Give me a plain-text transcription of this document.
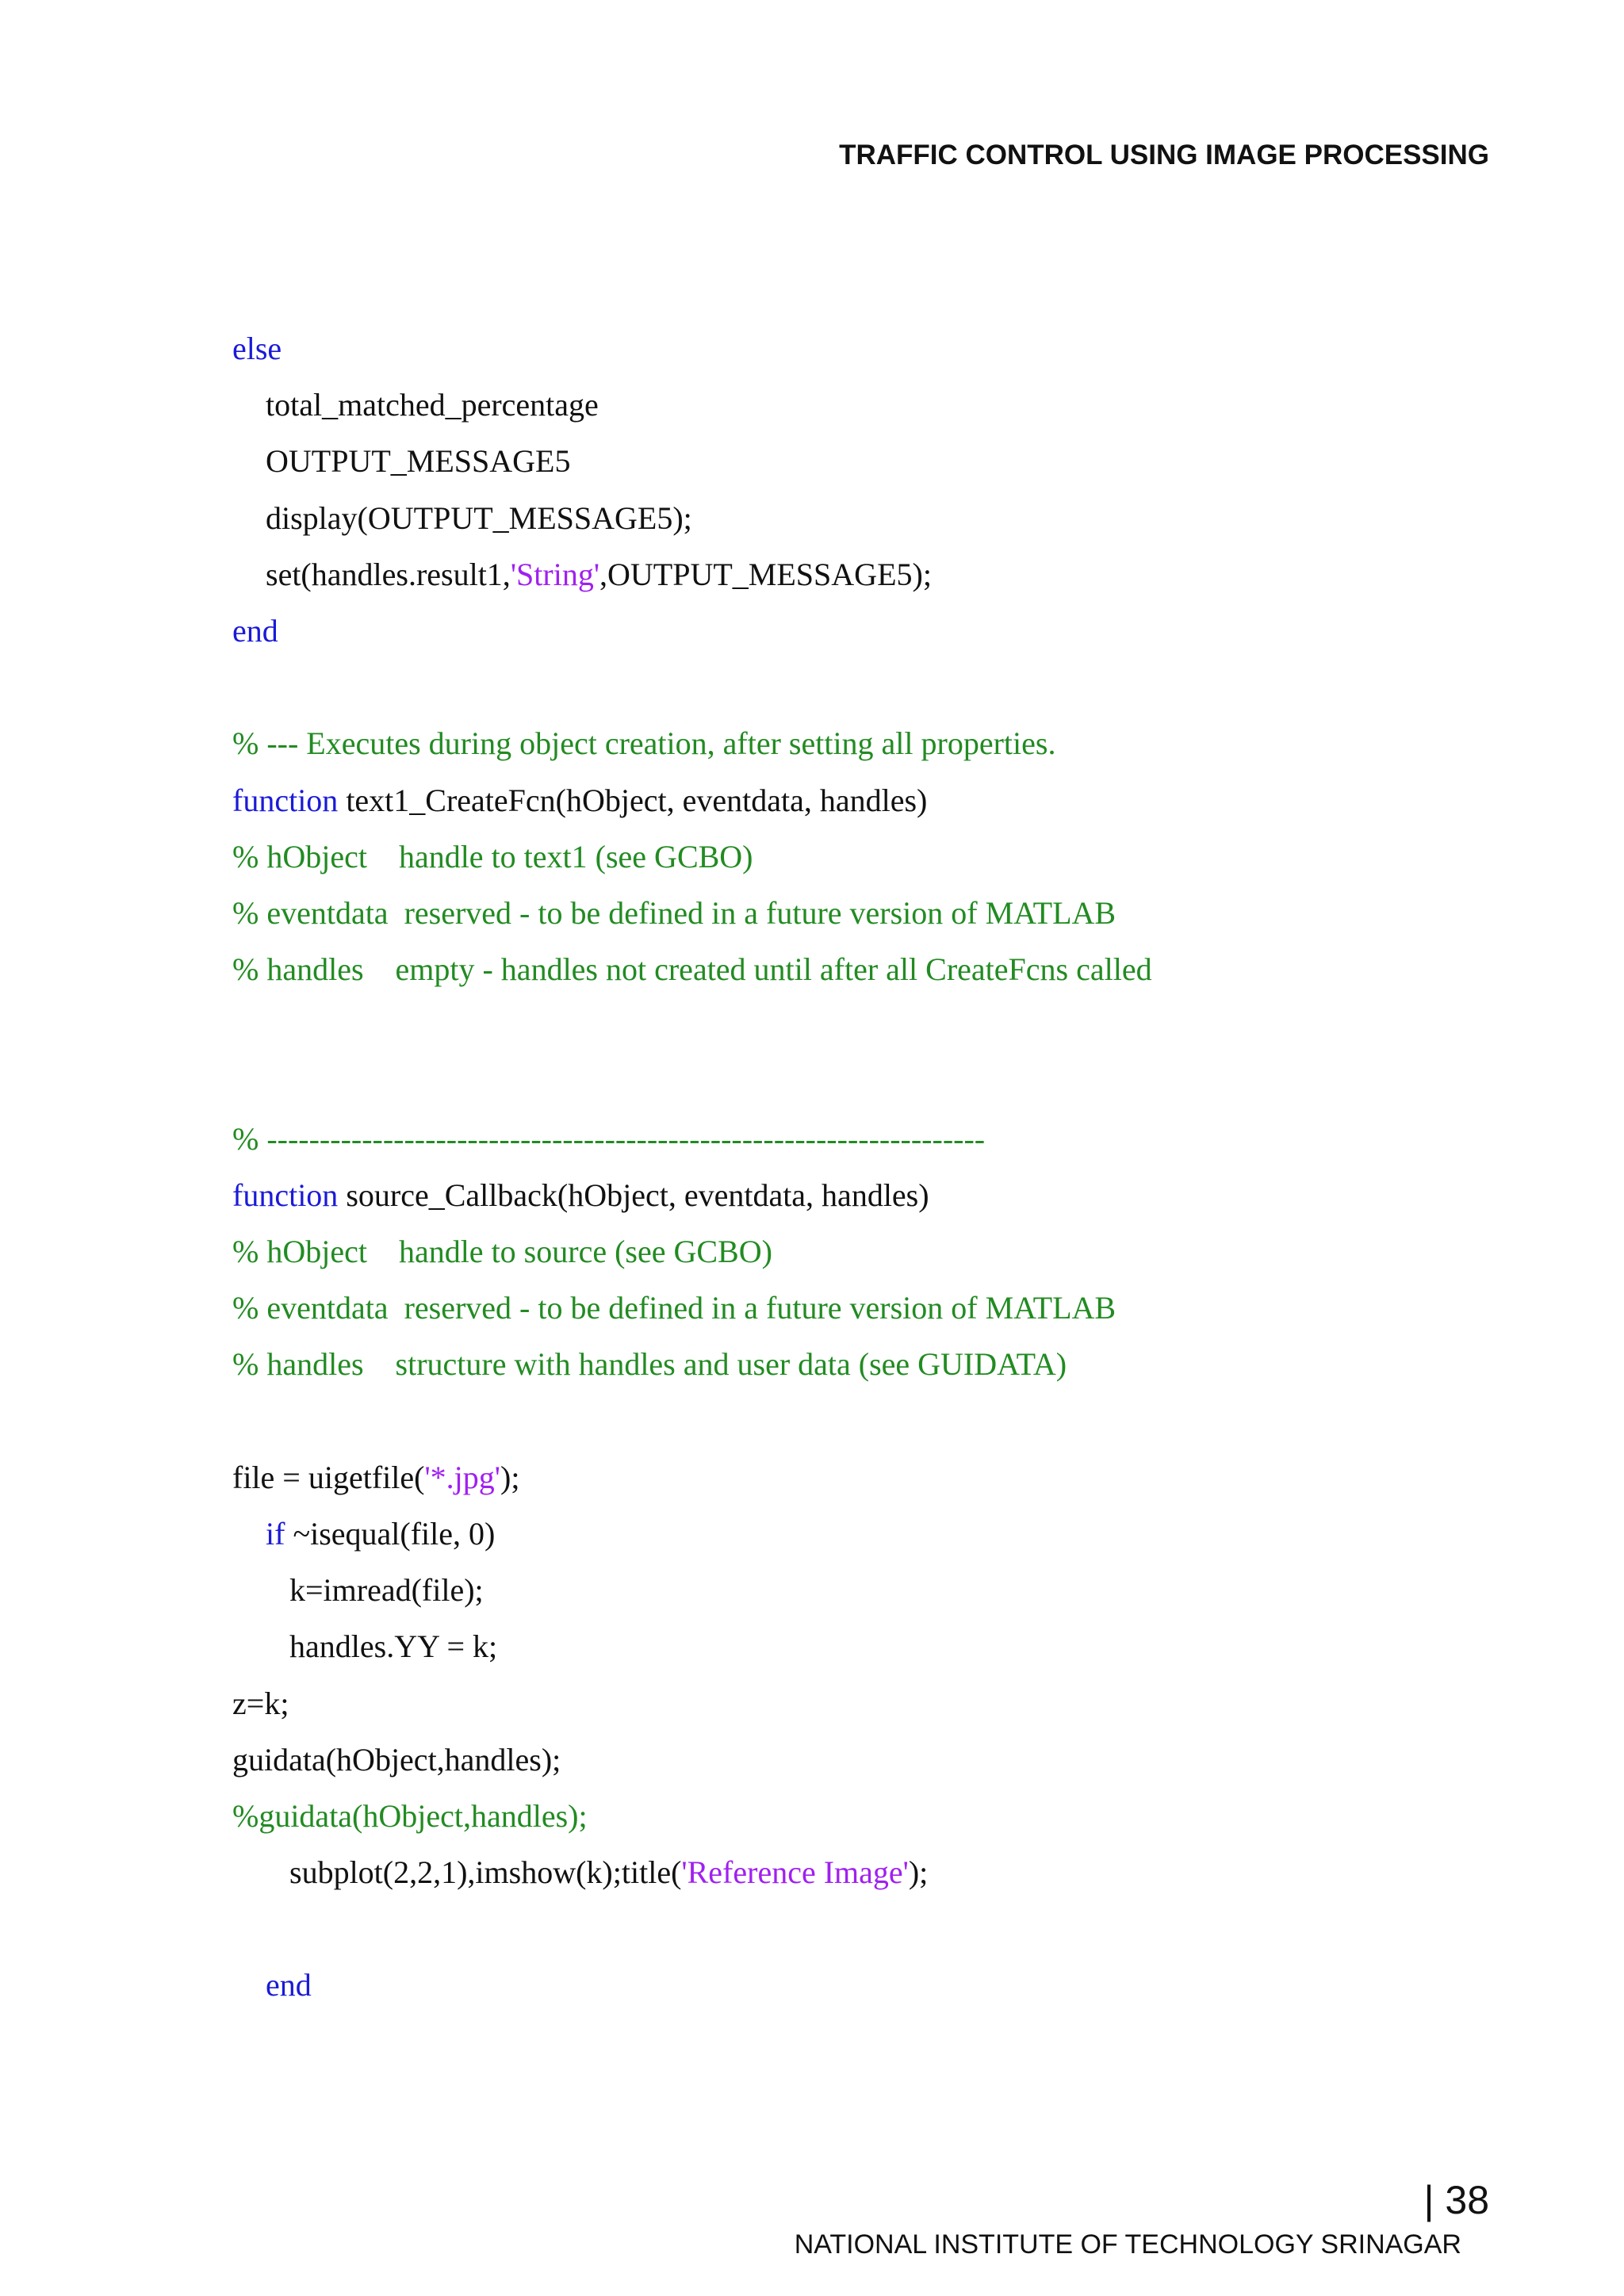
TRAFFIC CONTROL USING IMAGE PROCESSING
else
total_matched_percentage
OUTPUT_MESSAGE5
display(OUTPUT_MESSAGE5);
set(handles.result1,'String',OUTPUT_MESSAGE5);
end
% --- Executes during object creation, after setting all properties.
function text1_CreateFcn(hObject, eventdata, handles)
% hObject    handle to text1 (see GCBO)
% eventdata  reserved - to be defined in a future version of MATLAB
% handles    empty - handles not created until after all CreateFcns called
% --------------------------------------------------------------------
function source_Callback(hObject, eventdata, handles)
% hObject    handle to source (see GCBO)
% eventdata  reserved - to be defined in a future version of MATLAB
% handles    structure with handles and user data (see GUIDATA)
file = uigetfile('*.jpg');
if ~isequal(file, 0)
k=imread(file);
handles.YY = k;
z=k;
guidata(hObject,handles);
%guidata(hObject,handles);
subplot(2,2,1),imshow(k);title('Reference Image');
end
| 38
NATIONAL INSTITUTE OF TECHNOLOGY SRINAGAR
